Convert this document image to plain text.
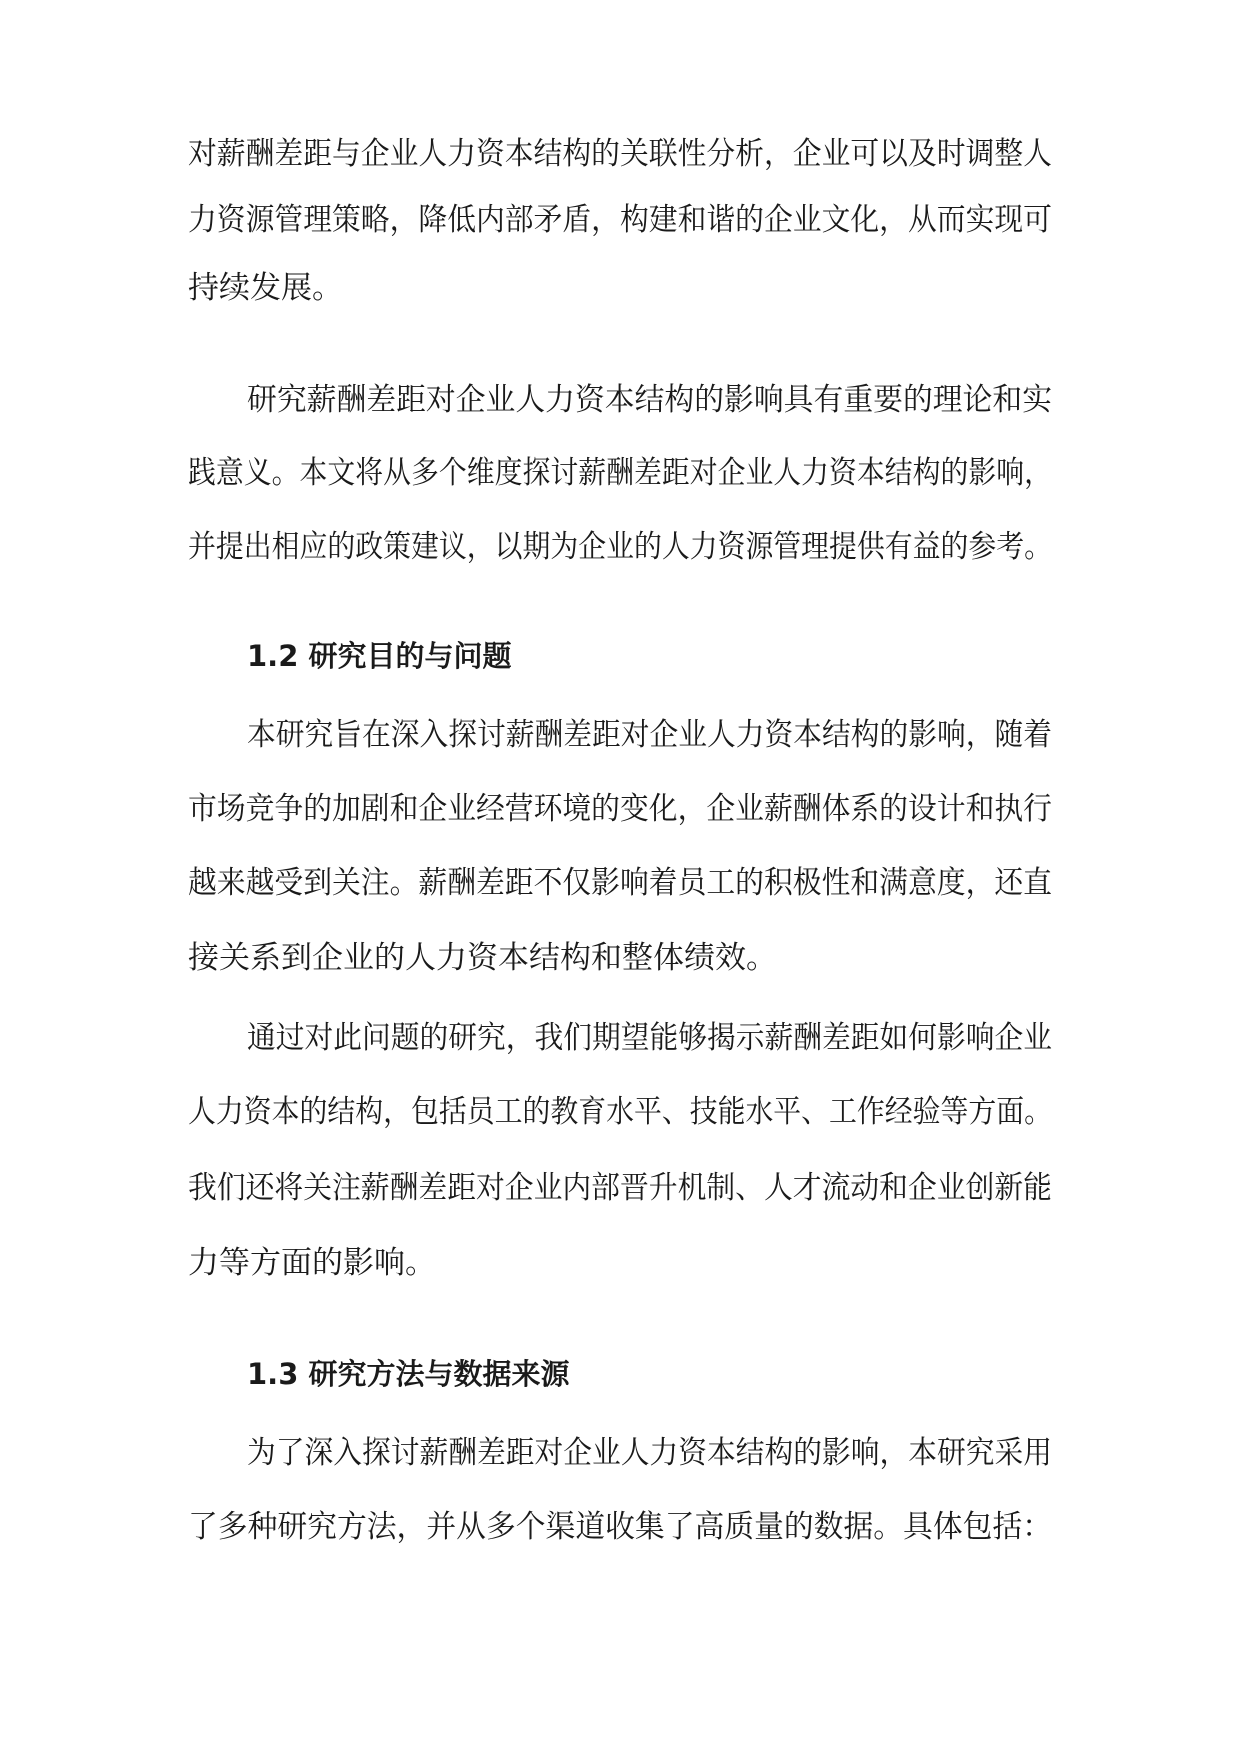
对薪酬差距与企业人力资本结构的关联性分析，企业可以及时调整人
力资源管理策略，降低内部矛盾，构建和谐的企业文化，从而实现可
持续发展。
研究薪酬差距对企业人力资本结构的影响具有重要的理论和实
践意义。本文将从多个维度探讨薪酬差距对企业人力资本结构的影响，
并提出相应的政策建议，以期为企业的人力资源管理提供有益的参考。
1.2 研究目的与问题
本研究旨在深入探讨薪酬差距对企业人力资本结构的影响，随着
市场竞争的加剧和企业经营环境的变化，企业薪酬体系的设计和执行
越来越受到关注。薪酬差距不仅影响着员工的积极性和满意度，还直
接关系到企业的人力资本结构和整体绩效。
通过对此问题的研究，我们期望能够揭示薪酬差距如何影响企业
人力资本的结构，包括员工的教育水平、技能水平、工作经验等方面。
我们还将关注薪酬差距对企业内部晋升机制、人才流动和企业创新能
力等方面的影响。
1.3 研究方法与数据来源
为了深入探讨薪酬差距对企业人力资本结构的影响，本研究采用
了多种研究方法，并从多个渠道收集了高质量的数据。具体包括：
